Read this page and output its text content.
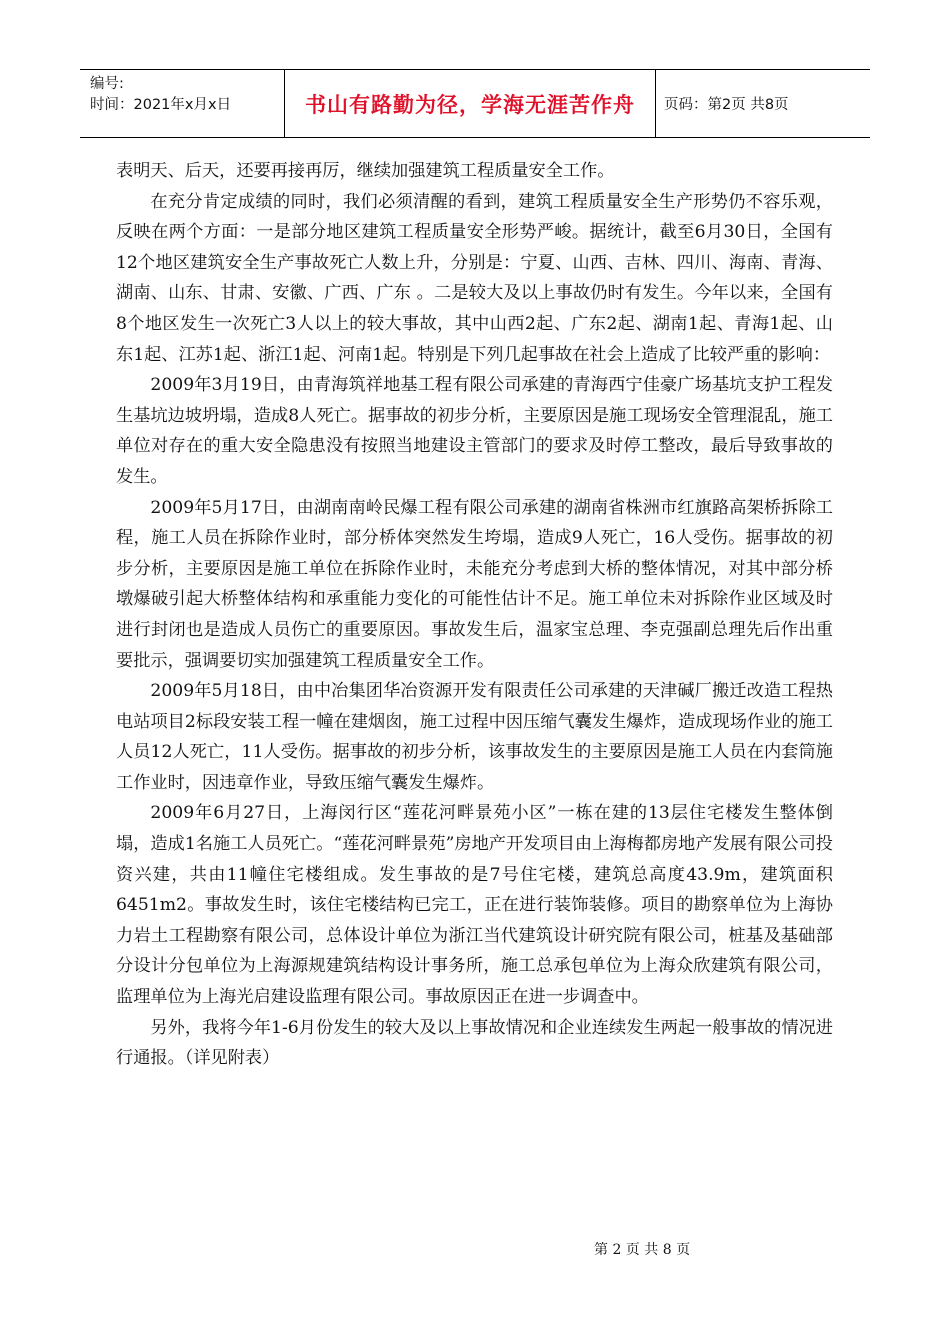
编号:
时间：2021年x月x日	书山有路勤为径，学海无涯苦作舟 页码：第2页 共8页

表明天、后天，还要再接再厉，继续加强建筑工程质量安全工作。

在充分肯定成绩的同时，我们必须清醒的看到，建筑工程质量安全生产形势仍不容乐观，反映在两个方面：一是部分地区建筑工程质量安全形势严峻。据统计，截至6月30日，全国有12个地区建筑安全生产事故死亡人数上升，分别是：宁夏、山西、吉林、四川、海南、青海、湖南、山东、甘肃、安徽、广西、广东 。二是较大及以上事故仍时有发生。今年以来，全国有8个地区发生一次死亡3人以上的较大事故，其中山西2起、广东2起、湖南1起、青海1起、山东1起、江苏1起、浙江1起、河南1起。特别是下列几起事故在社会上造成了比较严重的影响：

2009年3月19日，由青海筑祥地基工程有限公司承建的青海西宁佳豪广场基坑支护工程发生基坑边坡坍塌，造成8人死亡。据事故的初步分析，主要原因是施工现场安全管理混乱，施工单位对存在的重大安全隐患没有按照当地建设主管部门的要求及时停工整改，最后导致事故的发生。

2009年5月17日，由湖南南岭民爆工程有限公司承建的湖南省株洲市红旗路高架桥拆除工程，施工人员在拆除作业时，部分桥体突然发生垮塌，造成9人死亡，16人受伤。据事故的初步分析，主要原因是施工单位在拆除作业时，未能充分考虑到大桥的整体情况，对其中部分桥墩爆破引起大桥整体结构和承重能力变化的可能性估计不足。施工单位未对拆除作业区域及时进行封闭也是造成人员伤亡的重要原因。事故发生后，温家宝总理、李克强副总理先后作出重要批示，强调要切实加强建筑工程质量安全工作。

2009年5月18日，由中冶集团华冶资源开发有限责任公司承建的天津碱厂搬迁改造工程热电站项目2标段安装工程一幢在建烟囱，施工过程中因压缩气囊发生爆炸，造成现场作业的施工人员12人死亡，11人受伤。据事故的初步分析，该事故发生的主要原因是施工人员在内套筒施工作业时，因违章作业，导致压缩气囊发生爆炸。

2009年6月27日，上海闵行区“莲花河畔景苑小区”一栋在建的13层住宅楼发生整体倒塌，造成1名施工人员死亡。“莲花河畔景苑”房地产开发项目由上海梅都房地产发展有限公司投资兴建，共由11幢住宅楼组成。发生事故的是7号住宅楼，建筑总高度43.9m，建筑面积6451m2。事故发生时，该住宅楼结构已完工，正在进行装饰装修。项目的勘察单位为上海协力岩土工程勘察有限公司，总体设计单位为浙江当代建筑设计研究院有限公司，桩基及基础部分设计分包单位为上海源规建筑结构设计事务所，施工总承包单位为上海众欣建筑有限公司，监理单位为上海光启建设监理有限公司。事故原因正在进一步调查中。

另外，我将今年1-6月份发生的较大及以上事故情况和企业连续发生两起一般事故的情况进行通报。（详见附表）

第 2 页 共 8 页
